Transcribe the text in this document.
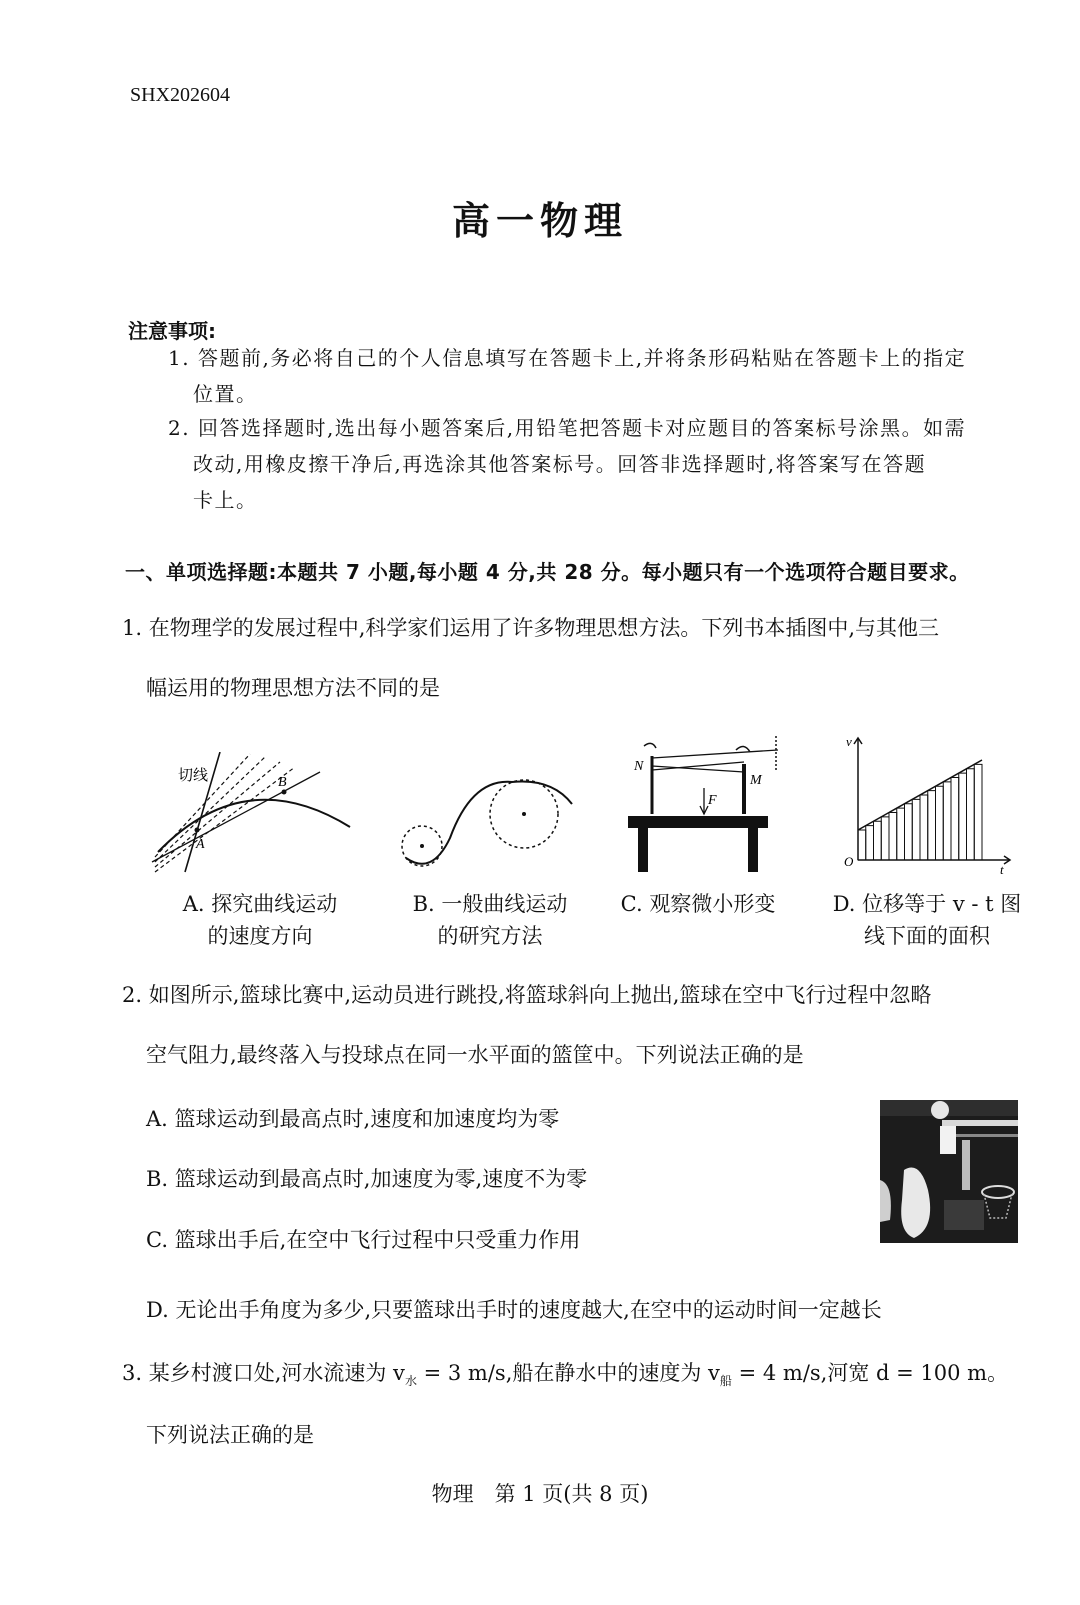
SHX202604
高一物理
注意事项:
1. 答题前,务必将自己的个人信息填写在答题卡上,并将条形码粘贴在答题卡上的指定
位置。
2. 回答选择题时,选出每小题答案后,用铅笔把答题卡对应题目的答案标号涂黑。如需
改动,用橡皮擦干净后,再选涂其他答案标号。回答非选择题时,将答案写在答题
卡上。
一、单项选择题:本题共 7 小题,每小题 4 分,共 28 分。每小题只有一个选项符合题目要求。
1. 在物理学的发展过程中,科学家们运用了许多物理思想方法。下列书本插图中,与其他三
幅运用的物理思想方法不同的是
切线
A
B
N
M
F
v
O
t
A. 探究曲线运动
的速度方向
B. 一般曲线运动
的研究方法
C. 观察微小形变	D. 位移等于 v - t 图
线下面的面积
2. 如图所示,篮球比赛中,运动员进行跳投,将篮球斜向上抛出,篮球在空中飞行过程中忽略
空气阻力,最终落入与投球点在同一水平面的篮筐中。下列说法正确的是
A. 篮球运动到最高点时,速度和加速度均为零
B. 篮球运动到最高点时,加速度为零,速度不为零
C. 篮球出手后,在空中飞行过程中只受重力作用
D. 无论出手角度为多少,只要篮球出手时的速度越大,在空中的运动时间一定越长
3. 某乡村渡口处,河水流速为 $v_水 = 3$ m/s,船在静水中的速度为 $v_船 = 4$ m/s,河宽 d = 100 m。
下列说法正确的是
物理　第 1 页(共 8 页)
